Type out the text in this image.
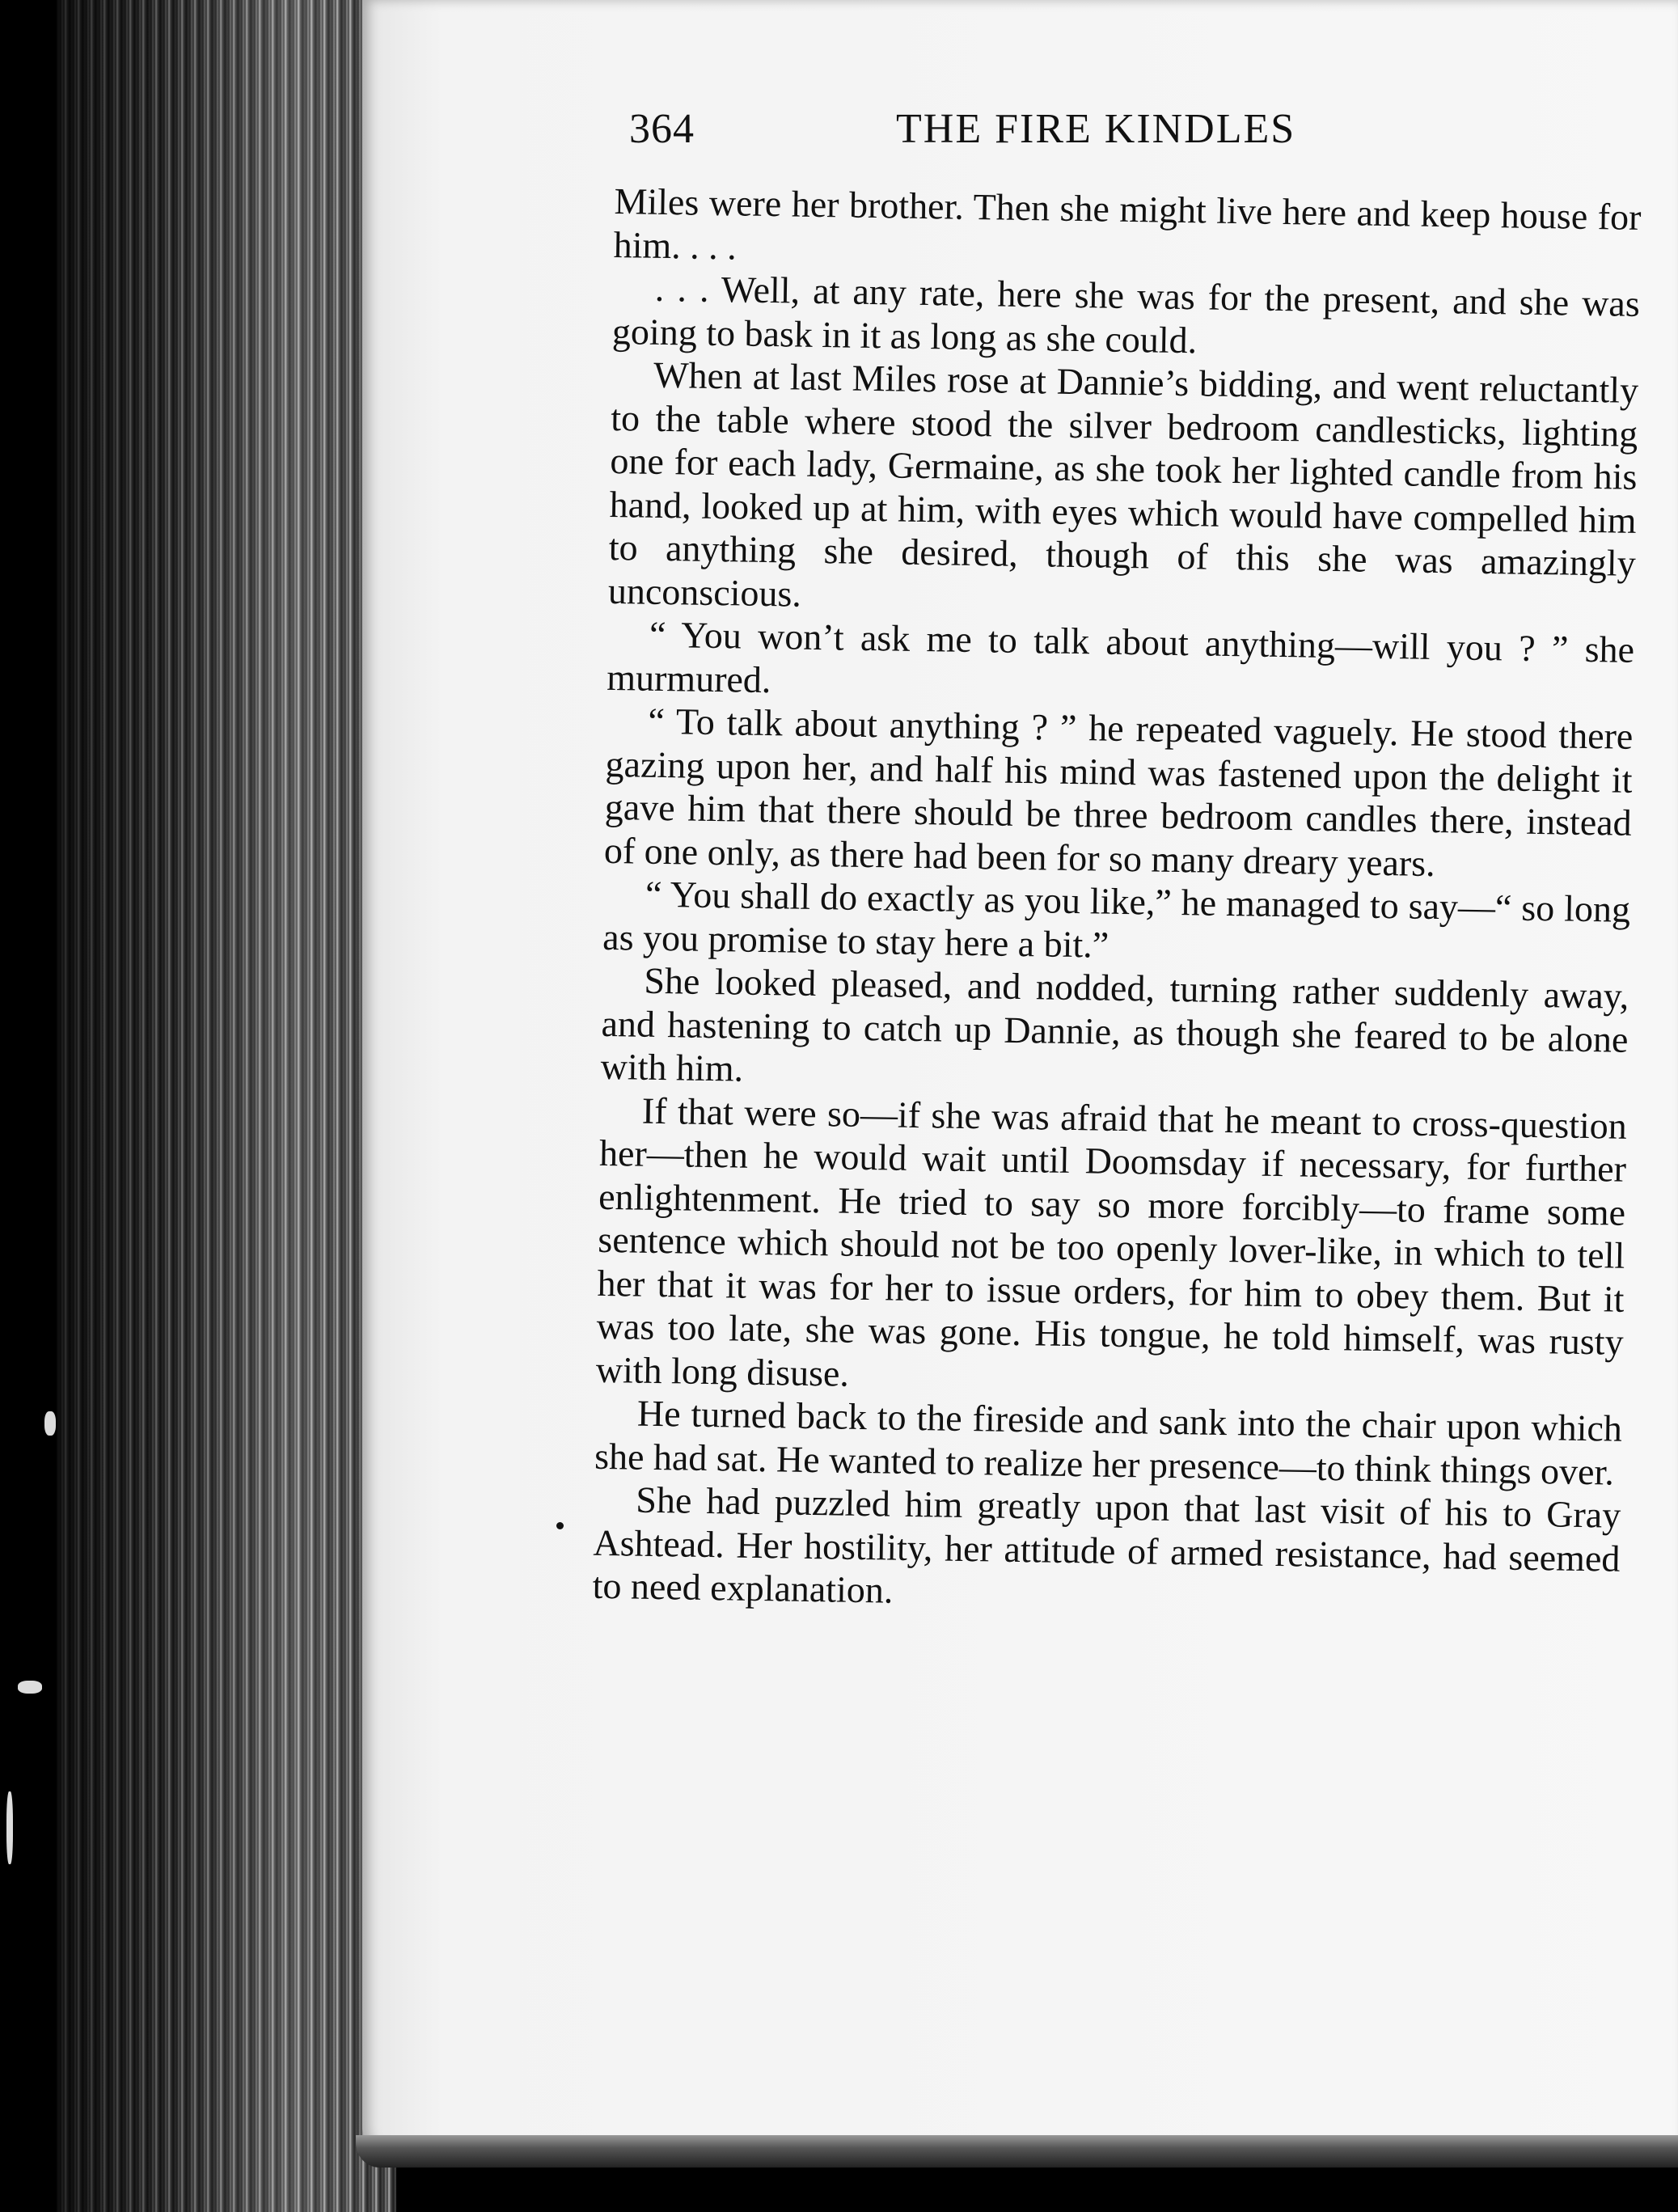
364	THE FIRE KINDLES

Miles were her brother. Then she might live here and keep house for him. . . .

. . . Well, at any rate, here she was for the present, and she was going to bask in it as long as she could.

When at last Miles rose at Dannie’s bidding, and went reluctantly to the table where stood the silver bedroom candlesticks, lighting one for each lady, Germaine, as she took her lighted candle from his hand, looked up at him, with eyes which would have compelled him to anything she desired, though of this she was amazingly unconscious.

“ You won’t ask me to talk about anything—will you ? ” she murmured.

“ To talk about anything ? ” he repeated vaguely. He stood there gazing upon her, and half his mind was fastened upon the delight it gave him that there should be three bedroom candles there, instead of one only, as there had been for so many dreary years.

“ You shall do exactly as you like,” he managed to say—“ so long as you promise to stay here a bit.”

She looked pleased, and nodded, turning rather suddenly away, and hastening to catch up Dannie, as though she feared to be alone with him.

If that were so—if she was afraid that he meant to cross-question her—then he would wait until Doomsday if necessary, for further enlightenment. He tried to say so more forcibly—to frame some sentence which should not be too openly lover-like, in which to tell her that it was for her to issue orders, for him to obey them. But it was too late, she was gone. His tongue, he told himself, was rusty with long disuse.

He turned back to the fireside and sank into the chair upon which she had sat. He wanted to realize her presence—to think things over.

She had puzzled him greatly upon that last visit of his to Gray Ashtead. Her hostility, her attitude of armed resistance, had seemed to need explanation.
